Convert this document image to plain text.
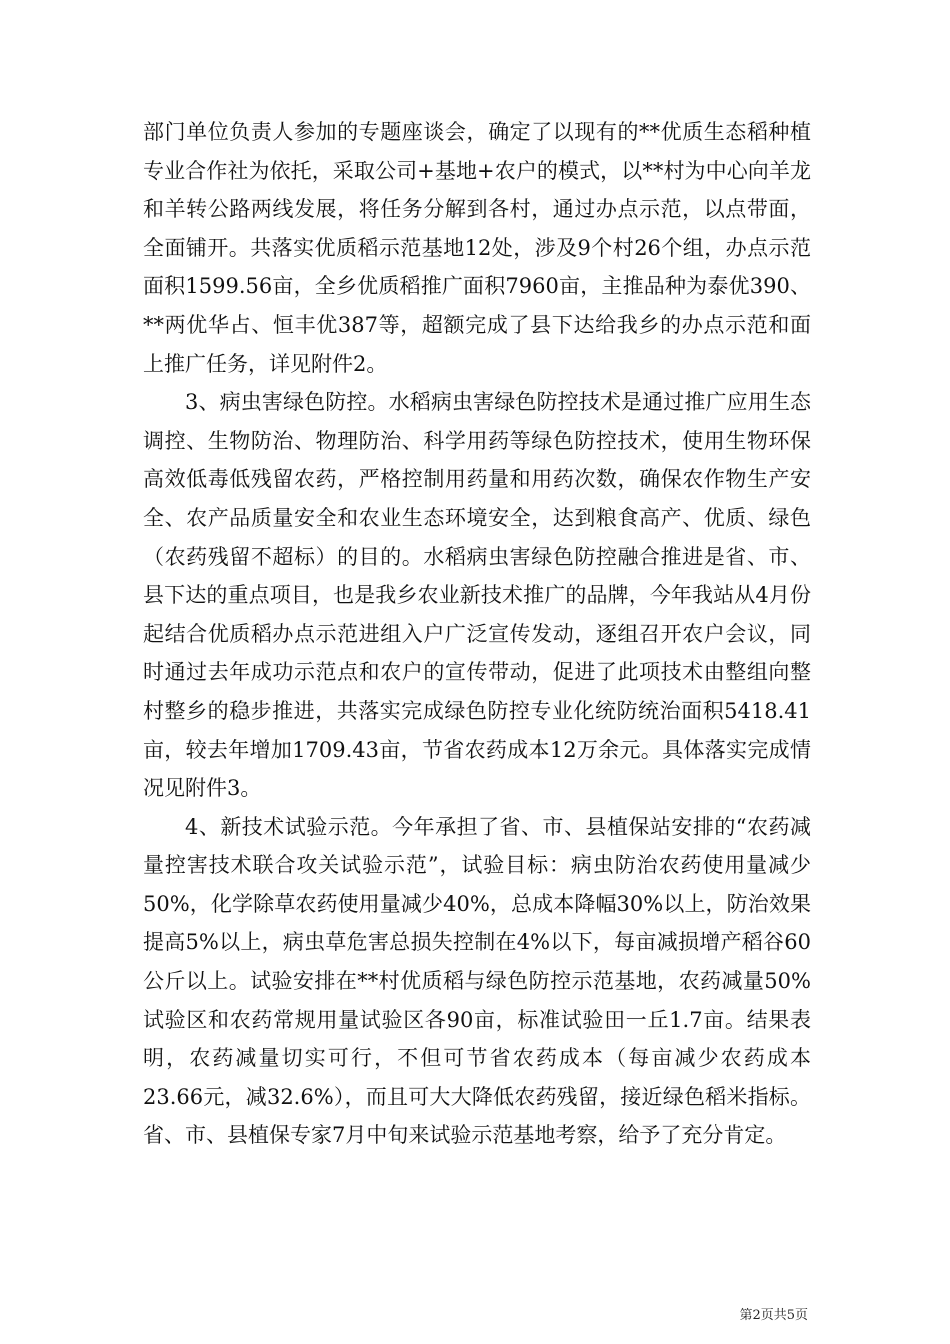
部门单位负责人参加的专题座谈会，确定了以现有的**优质生态稻种植专业合作社为依托，采取公司+基地+农户的模式，以**村为中心向羊龙和羊转公路两线发展，将任务分解到各村，通过办点示范，以点带面，全面铺开。共落实优质稻示范基地12处，涉及9个村26个组，办点示范面积1599.56亩，全乡优质稻推广面积7960亩，主推品种为泰优390、**两优华占、恒丰优387等，超额完成了县下达给我乡的办点示范和面上推广任务，详见附件2。

3、病虫害绿色防控。水稻病虫害绿色防控技术是通过推广应用生态调控、生物防治、物理防治、科学用药等绿色防控技术，使用生物环保高效低毒低残留农药，严格控制用药量和用药次数，确保农作物生产安全、农产品质量安全和农业生态环境安全，达到粮食高产、优质、绿色（农药残留不超标）的目的。水稻病虫害绿色防控融合推进是省、市、县下达的重点项目，也是我乡农业新技术推广的品牌，今年我站从4月份起结合优质稻办点示范进组入户广泛宣传发动，逐组召开农户会议，同时通过去年成功示范点和农户的宣传带动，促进了此项技术由整组向整村整乡的稳步推进，共落实完成绿色防控专业化统防统治面积5418.41亩，较去年增加1709.43亩，节省农药成本12万余元。具体落实完成情况见附件3。

4、新技术试验示范。今年承担了省、市、县植保站安排的“农药减量控害技术联合攻关试验示范”，试验目标：病虫防治农药使用量减少50%，化学除草农药使用量减少40%，总成本降幅30%以上，防治效果提高5%以上，病虫草危害总损失控制在4%以下，每亩减损增产稻谷60公斤以上。试验安排在**村优质稻与绿色防控示范基地，农药减量50%试验区和农药常规用量试验区各90亩，标准试验田一丘1.7亩。结果表明，农药减量切实可行，不但可节省农药成本（每亩减少农药成本23.66元，减32.6%），而且可大大降低农药残留，接近绿色稻米指标。省、市、县植保专家7月中旬来试验示范基地考察，给予了充分肯定。

第2页共5页
